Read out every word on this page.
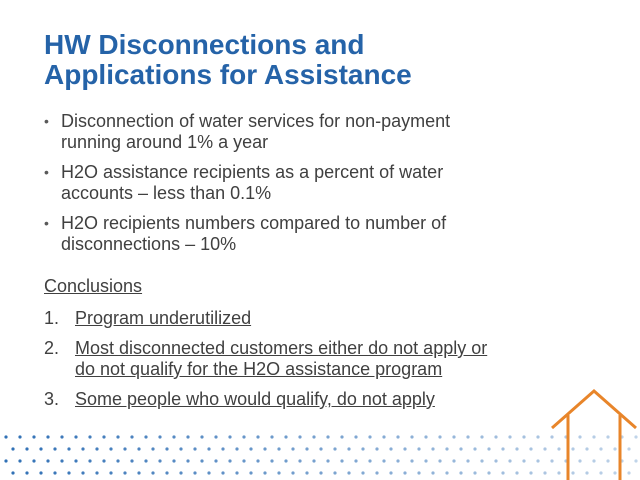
HW Disconnections and
Applications for Assistance
• Disconnection of water services for non-payment
running around 1% a year
• H2O assistance recipients as a percent of water
accounts – less than 0.1%
• H2O recipients numbers compared to number of
disconnections – 10%
Conclusions
1. Program underutilized
2. Most disconnected customers either do not apply or
do not qualify for the H2O assistance program
3. Some people who would qualify, do not apply
